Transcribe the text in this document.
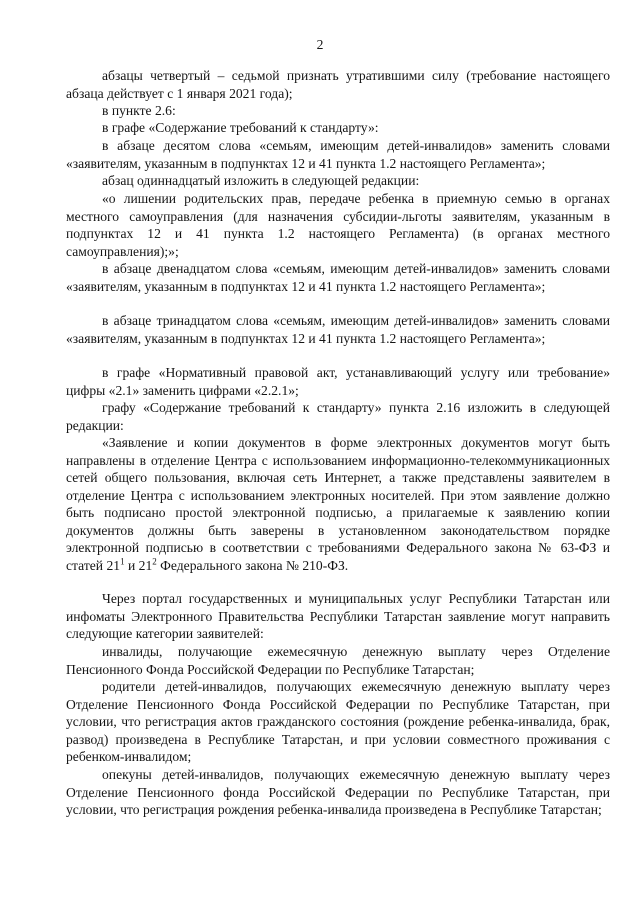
2

абзацы четвертый – седьмой признать утратившими силу (требование настоящего абзаца действует с 1 января 2021 года);

в пункте 2.6:

в графе «Содержание требований к стандарту»:

в абзаце десятом слова «семьям, имеющим детей-инвалидов» заменить словами «заявителям, указанным в подпунктах 12 и 41 пункта 1.2 настоящего Регламента»;

абзац одиннадцатый изложить в следующей редакции:

«о лишении родительских прав, передаче ребенка в приемную семью в органах местного самоуправления (для назначения субсидии-льготы заявителям, указанным в подпунктах 12 и 41 пункта 1.2 настоящего Регламента) (в органах местного самоуправления);»;

в абзаце двенадцатом слова «семьям, имеющим детей-инвалидов» заменить словами «заявителям, указанным в подпунктах 12 и 41 пункта 1.2 настоящего Регламента»;

в абзаце тринадцатом слова «семьям, имеющим детей-инвалидов» заменить словами «заявителям, указанным в подпунктах 12 и 41 пункта 1.2 настоящего Регламента»;

в графе «Нормативный правовой акт, устанавливающий услугу или требование» цифры «2.1» заменить цифрами «2.2.1»;

графу «Содержание требований к стандарту» пункта 2.16 изложить в следующей редакции:

«Заявление и копии документов в форме электронных документов могут быть направлены в отделение Центра с использованием информационно-телекоммуникационных сетей общего пользования, включая сеть Интернет, а также представлены заявителем в отделение Центра с использованием электронных носителей. При этом заявление должно быть подписано простой электронной подписью, а прилагаемые к заявлению копии документов должны быть заверены в установленном законодательством порядке электронной подписью в соответствии с требованиями Федерального закона № 63-ФЗ и статей $21^1$ и $21^2$ Федерального закона № 210-ФЗ.

Через портал государственных и муниципальных услуг Республики Татарстан или инфоматы Электронного Правительства Республики Татарстан заявление могут направить следующие категории заявителей:

инвалиды, получающие ежемесячную денежную выплату через Отделение Пенсионного Фонда Российской Федерации по Республике Татарстан;

родители детей-инвалидов, получающих ежемесячную денежную выплату через Отделение Пенсионного Фонда Российской Федерации по Республике Татарстан, при условии, что регистрация актов гражданского состояния (рождение ребенка-инвалида, брак, развод) произведена в Республике Татарстан, и при условии совместного проживания с ребенком-инвалидом;

опекуны детей-инвалидов, получающих ежемесячную денежную выплату через Отделение Пенсионного фонда Российской Федерации по Республике Татарстан, при условии, что регистрация рождения ребенка-инвалида произведена в Республике Татарстан;
